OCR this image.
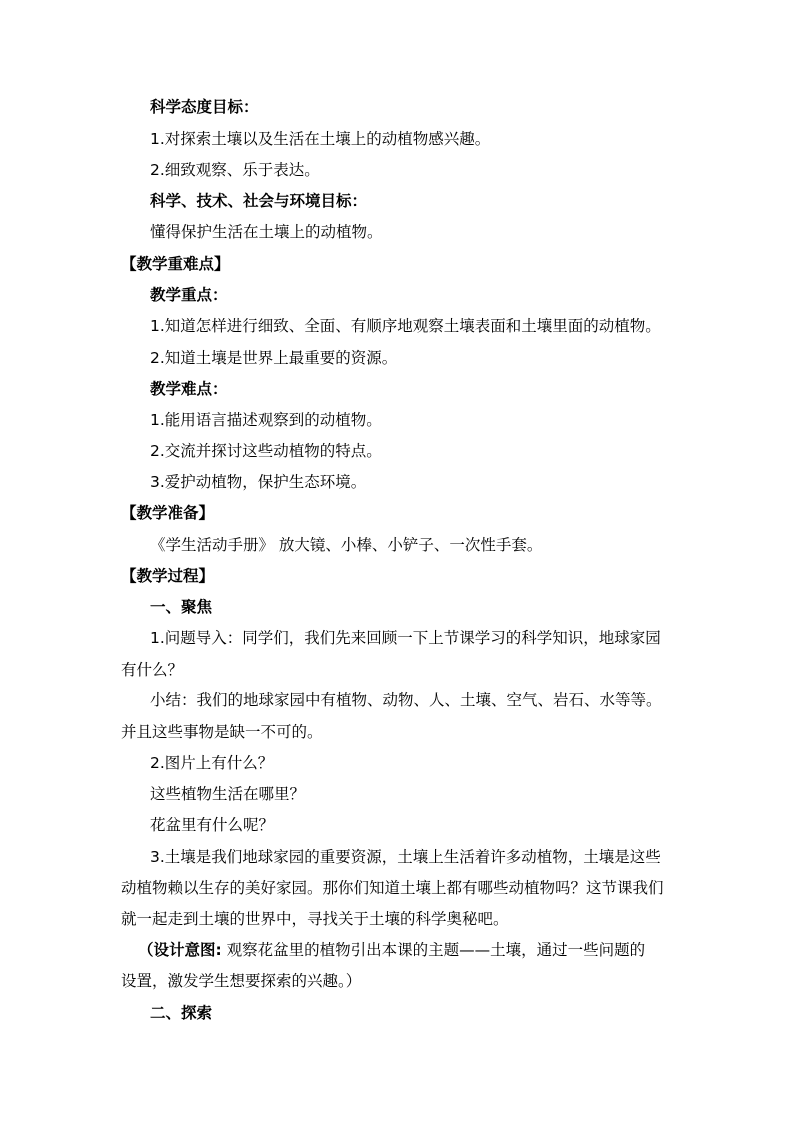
科学态度目标：
1.对探索土壤以及生活在土壤上的动植物感兴趣。
2.细致观察、乐于表达。
科学、技术、社会与环境目标：
懂得保护生活在土壤上的动植物。
【教学重难点】
教学重点：
1.知道怎样进行细致、全面、有顺序地观察土壤表面和土壤里面的动植物。
2.知道土壤是世界上最重要的资源。
教学难点：
1.能用语言描述观察到的动植物。
2.交流并探讨这些动植物的特点。
3.爱护动植物，保护生态环境。
【教学准备】
《学生活动手册》 放大镜、小棒、小铲子、一次性手套。
【教学过程】
一、聚焦
1.问题导入：同学们，我们先来回顾一下上节课学习的科学知识，地球家园
有什么？
小结：我们的地球家园中有植物、动物、人、土壤、空气、岩石、水等等。
并且这些事物是缺一不可的。
2.图片上有什么？
这些植物生活在哪里？
花盆里有什么呢？
3.土壤是我们地球家园的重要资源，土壤上生活着许多动植物，土壤是这些
动植物赖以生存的美好家园。那你们知道土壤上都有哪些动植物吗？这节课我们
就一起走到土壤的世界中，寻找关于土壤的科学奥秘吧。
（设计意图: 观察花盆里的植物引出本课的主题——土壤，通过一些问题的
设置，激发学生想要探索的兴趣。）
二、探索
